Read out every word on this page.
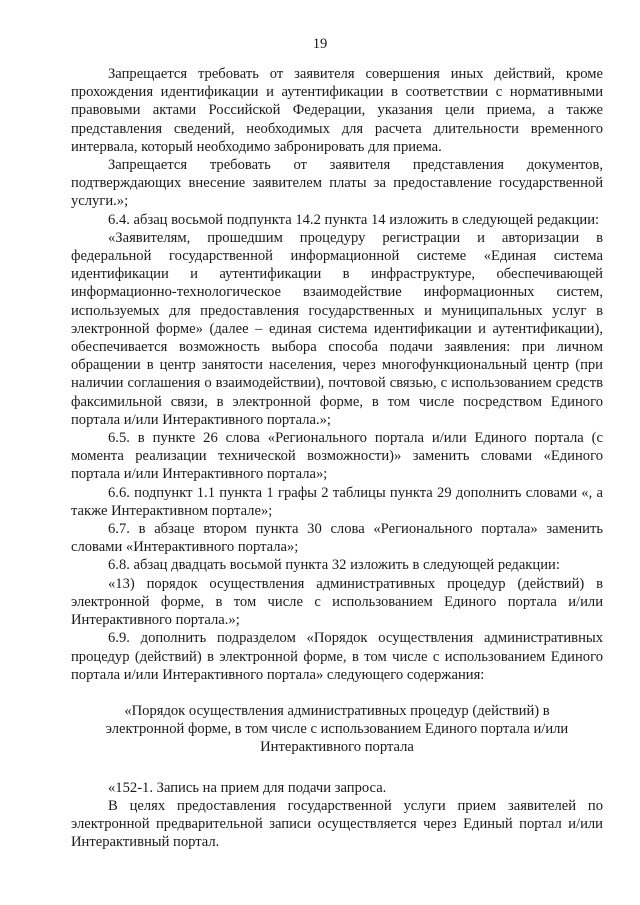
19

Запрещается требовать от заявителя совершения иных действий, кроме прохождения идентификации и аутентификации в соответствии с нормативными правовыми актами Российской Федерации, указания цели приема, а также представления сведений, необходимых для расчета длительности временного интервала, который необходимо забронировать для приема.

Запрещается требовать от заявителя представления документов, подтверждающих внесение заявителем платы за предоставление государственной услуги.»;

6.4. абзац восьмой подпункта 14.2 пункта 14 изложить в следующей редакции:

«Заявителям, прошедшим процедуру регистрации и авторизации в федеральной государственной информационной системе «Единая система идентификации и аутентификации в инфраструктуре, обеспечивающей информационно-технологическое взаимодействие информационных систем, используемых для предоставления государственных и муниципальных услуг в электронной форме» (далее – единая система идентификации и аутентификации), обеспечивается возможность выбора способа подачи заявления: при личном обращении в центр занятости населения, через многофункциональный центр (при наличии соглашения о взаимодействии), почтовой связью, с использованием средств факсимильной связи, в электронной форме, в том числе посредством Единого портала и/или Интерактивного портала.»;

6.5. в пункте 26 слова «Регионального портала и/или Единого портала (с момента реализации технической возможности)» заменить словами «Единого портала и/или Интерактивного портала»;

6.6. подпункт 1.1 пункта 1 графы 2 таблицы пункта 29 дополнить словами «, а также Интерактивном портале»;

6.7. в абзаце втором пункта 30 слова «Регионального портала» заменить словами «Интерактивного портала»;

6.8. абзац двадцать восьмой пункта 32 изложить в следующей редакции:

«13) порядок осуществления административных процедур (действий) в электронной форме, в том числе с использованием Единого портала и/или Интерактивного портала.»;

6.9. дополнить подразделом «Порядок осуществления административных процедур (действий) в электронной форме, в том числе с использованием Единого портала и/или Интерактивного портала» следующего содержания:

«Порядок осуществления административных процедур (действий) в электронной форме, в том числе с использованием Единого портала и/или Интерактивного портала

«152-1. Запись на прием для подачи запроса.

В целях предоставления государственной услуги прием заявителей по электронной предварительной записи осуществляется через Единый портал и/или Интерактивный портал.
